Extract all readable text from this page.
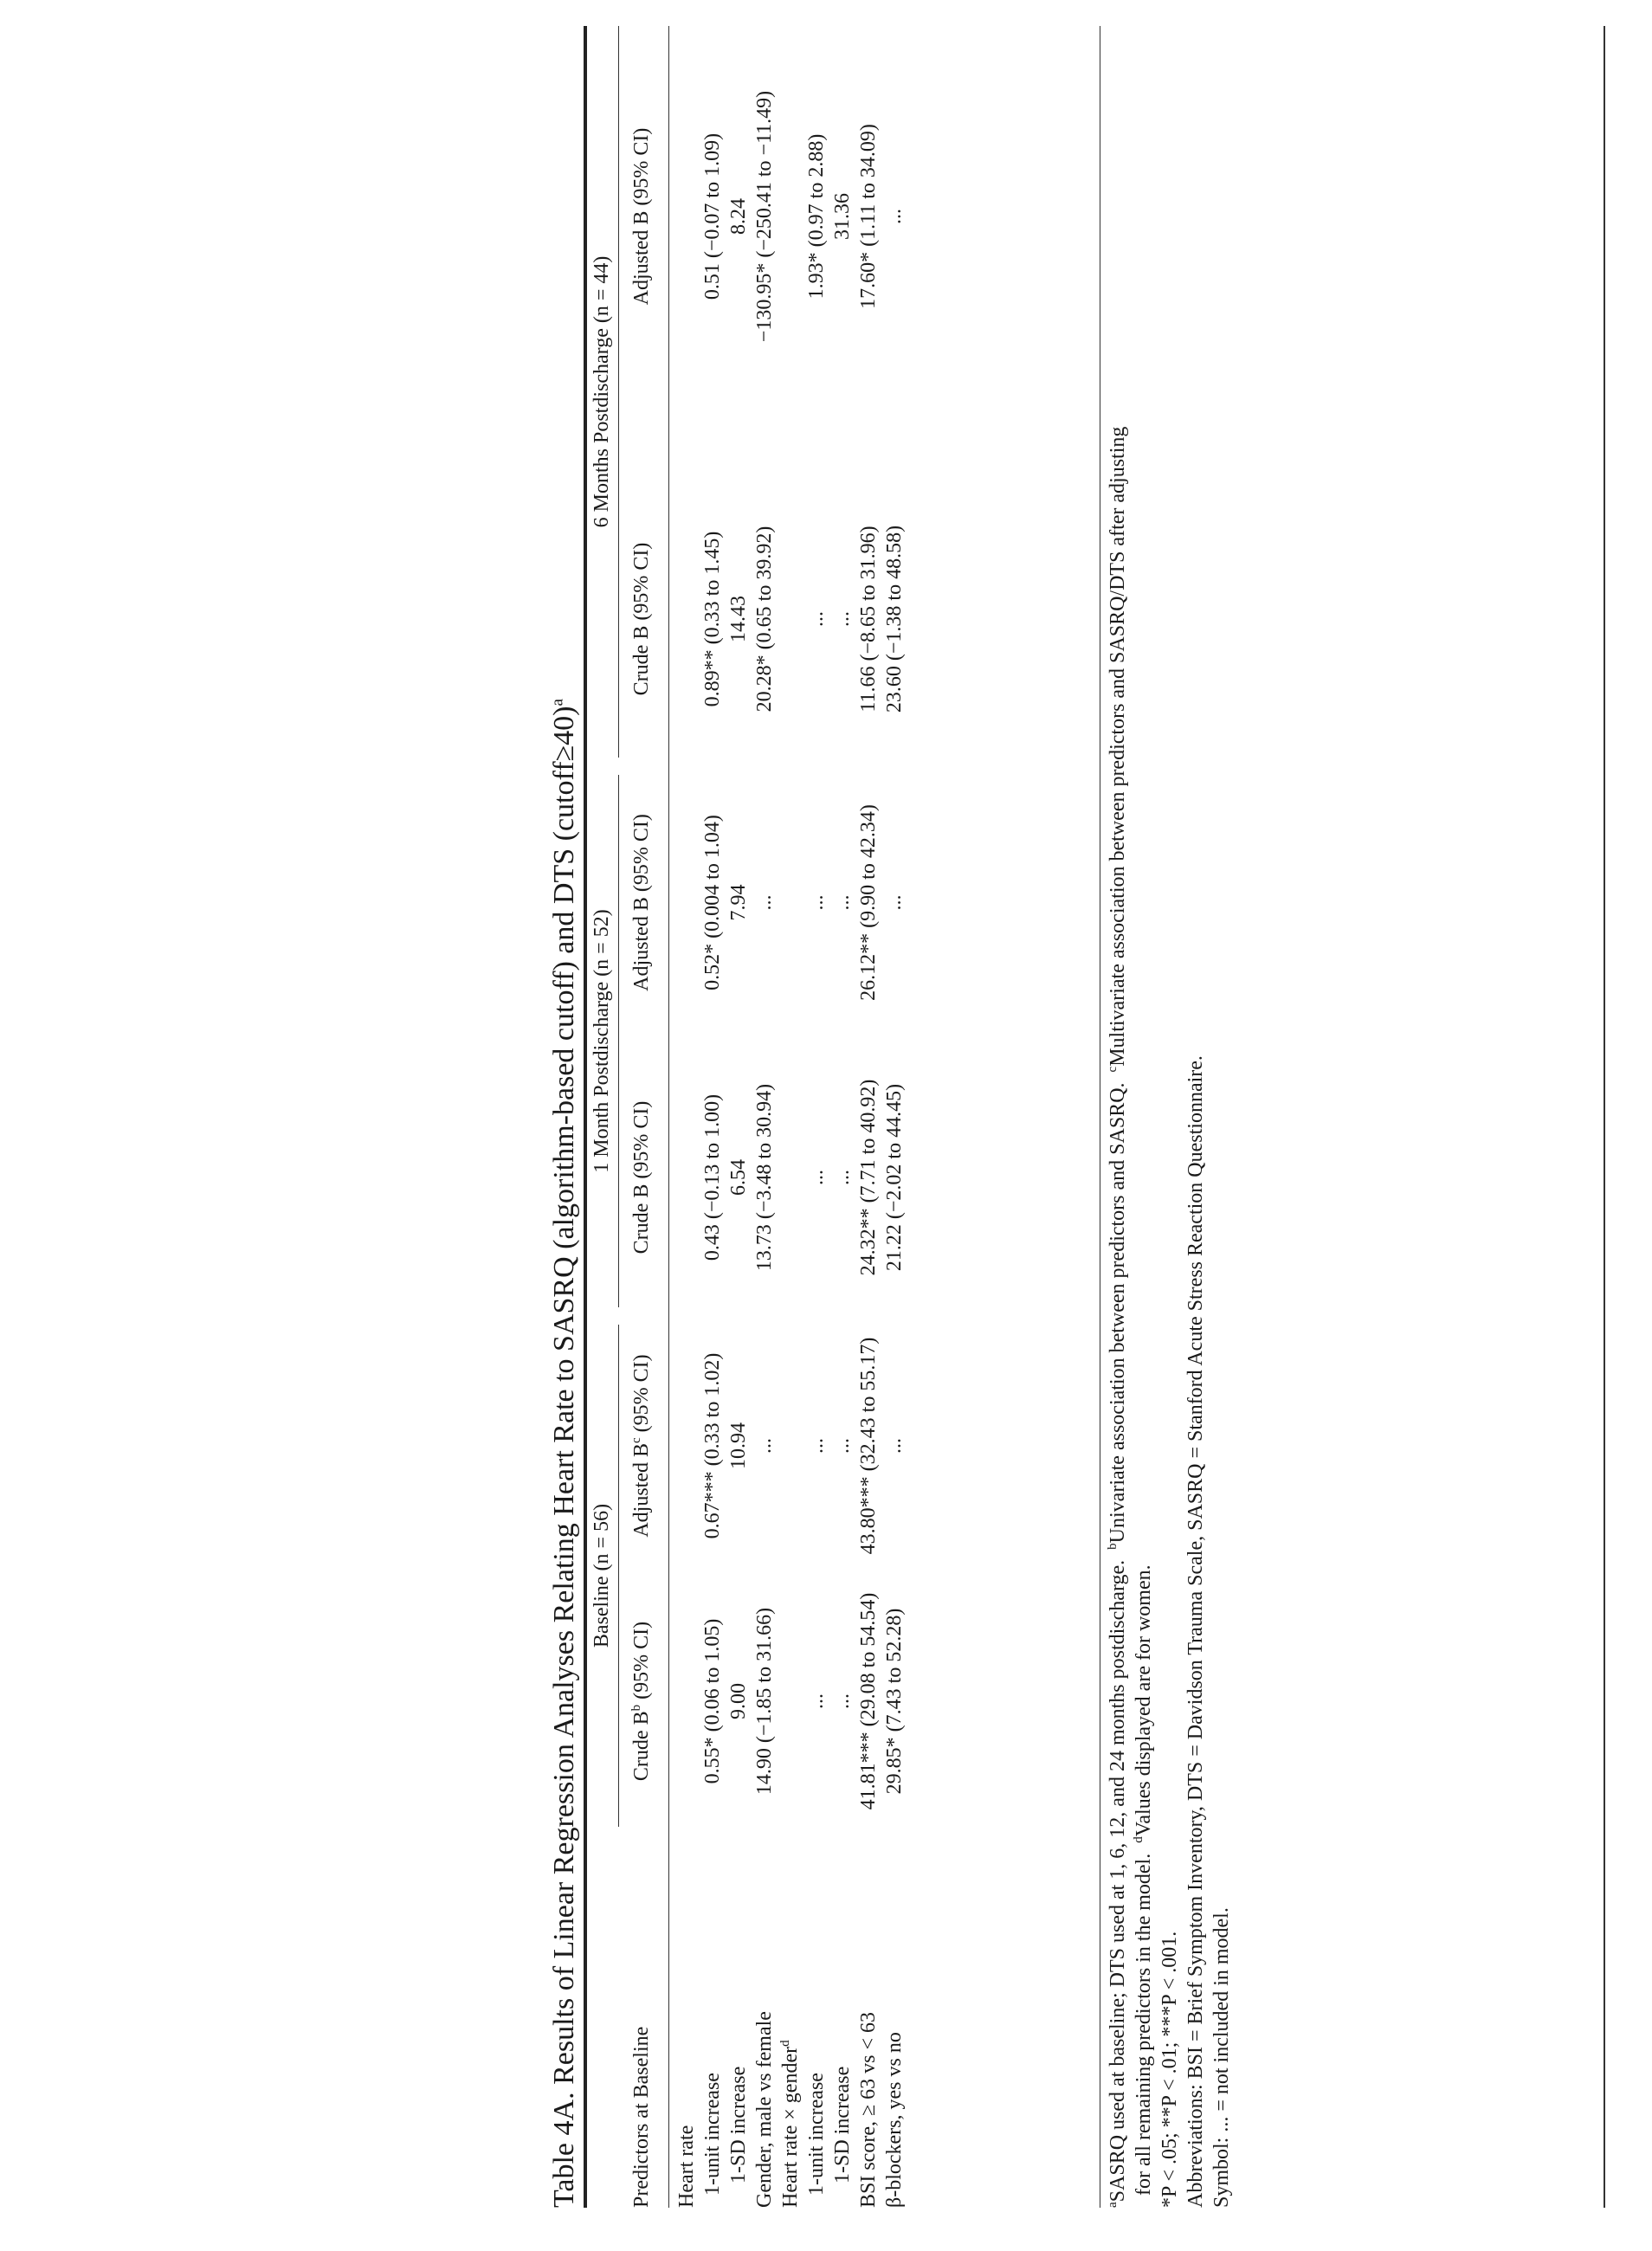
Table 4A. Results of Linear Regression Analyses Relating Heart Rate to SASRQ (algorithm-based cutoff) and DTS (cutoff≥40)$^a$
Baseline (n = 56)
1 Month Postdischarge (n = 52)
6 Months Postdischarge (n = 44)
Predictors at Baseline
Crude $B^b$ (95% CI)
Adjusted $B^c$ (95% CI)
Crude B (95% CI)
Adjusted B (95% CI)
Crude B (95% CI)
Adjusted B (95% CI)
Heart rate 1-unit increase
0.55* (0.06 to 1.05)
0.67*** (0.33 to 1.02)
0.43 (−0.13 to 1.00)
0.52* (0.004 to 1.04)
0.89** (0.33 to 1.45)
0.51 (−0.07 to 1.09)
1-SD increase
9.00
10.94
6.54
7.94
14.43
8.24
Gender, male vs female
14.90 (−1.85 to 31.66)
...
13.73 (−3.48 to 30.94)
...
20.28* (0.65 to 39.92)
−130.95* (−250.41 to −11.49)
Heart rate × gender$^d$
1-unit increase
...
...
...
...
...
1.93* (0.97 to 2.88)
1-SD increase
...
...
...
...
...
31.36
BSI score, ≥ 63 vs < 63
41.81*** (29.08 to 54.54)
43.80*** (32.43 to 55.17)
24.32** (7.71 to 40.92)
26.12** (9.90 to 42.34)
11.66 (−8.65 to 31.96)
17.60* (1.11 to 34.09)
β-blockers, yes vs no
29.85* (7.43 to 52.28)
...
21.22 (−2.02 to 44.45)
...
23.60 (−1.38 to 48.58)
...
$^a$SASRQ used at baseline; DTS used at 1, 6, 12, and 24 months postdischarge.  $^b$Univariate association between predictors and SASRQ.  $^c$Multivariate association between predictors and SASRQ/DTS after adjusting
for all remaining predictors in the model.  $^d$Values displayed are for women.
*P < .05; **P < .01; ***P < .001. Abbreviations: BSI = Brief Symptom Inventory, DTS = Davidson Trauma Scale, SASRQ = Stanford Acute Stress Reaction Questionnaire. Symbol: ... = not included in model.
